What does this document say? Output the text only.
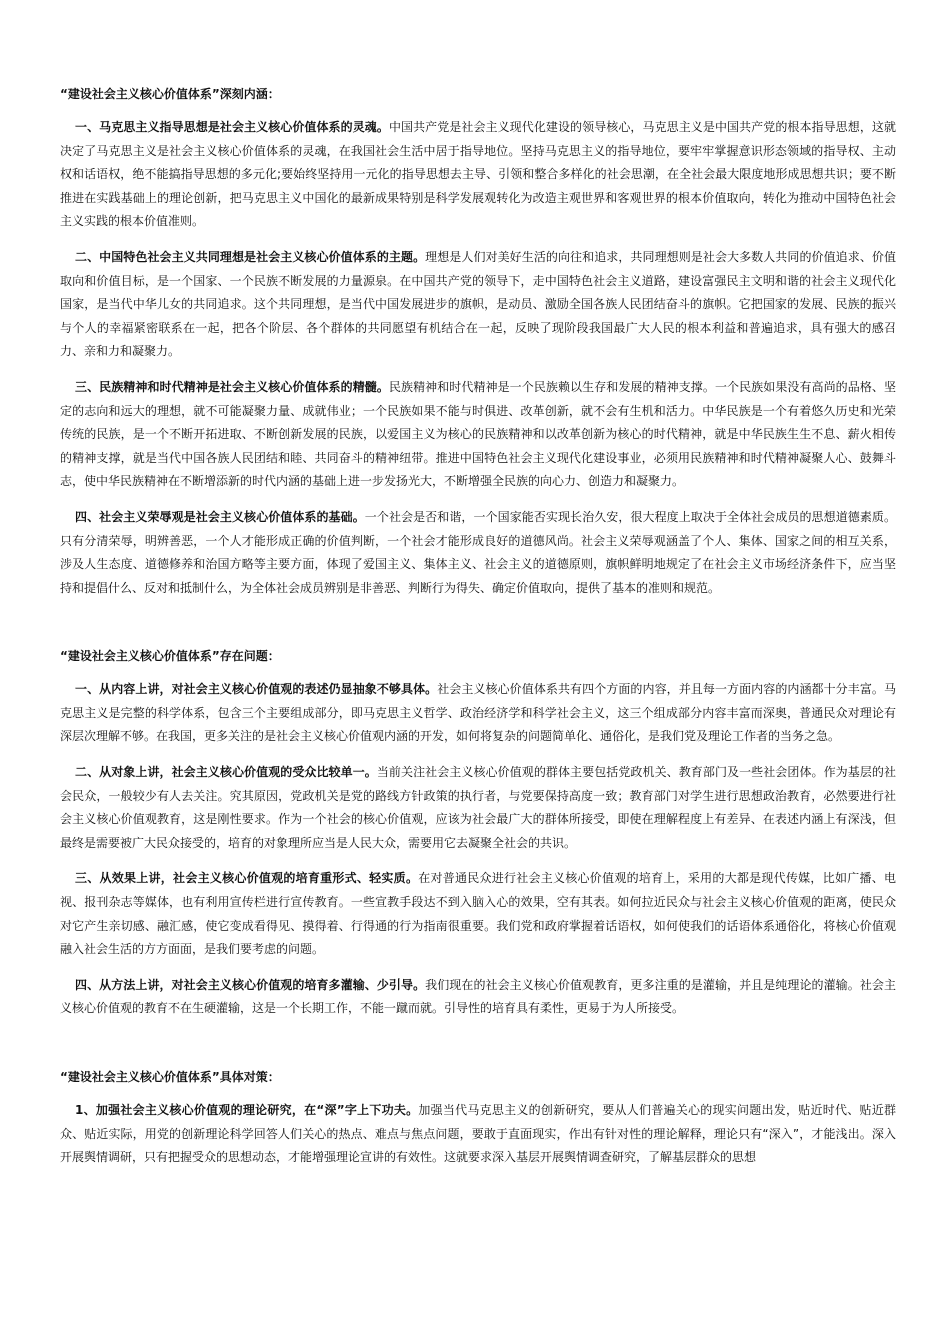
“建设社会主义核心价值体系”深刻内涵：

一、马克思主义指导思想是社会主义核心价值体系的灵魂。中国共产党是社会主义现代化建设的领导核心，马克思主义是中国共产党的根本指导思想，这就决定了马克思主义是社会主义核心价值体系的灵魂，在我国社会生活中居于指导地位。坚持马克思主义的指导地位，要牢牢掌握意识形态领域的指导权、主动权和话语权，绝不能搞指导思想的多元化;要始终坚持用一元化的指导思想去主导、引领和整合多样化的社会思潮，在全社会最大限度地形成思想共识；要不断推进在实践基础上的理论创新，把马克思主义中国化的最新成果特别是科学发展观转化为改造主观世界和客观世界的根本价值取向，转化为推动中国特色社会主义实践的根本价值准则。

二、中国特色社会主义共同理想是社会主义核心价值体系的主题。理想是人们对美好生活的向往和追求，共同理想则是社会大多数人共同的价值追求、价值取向和价值目标，是一个国家、一个民族不断发展的力量源泉。在中国共产党的领导下，走中国特色社会主义道路，建设富强民主文明和谐的社会主义现代化国家，是当代中华儿女的共同追求。这个共同理想，是当代中国发展进步的旗帜，是动员、激励全国各族人民团结奋斗的旗帜。它把国家的发展、民族的振兴与个人的幸福紧密联系在一起，把各个阶层、各个群体的共同愿望有机结合在一起，反映了现阶段我国最广大人民的根本利益和普遍追求，具有强大的感召力、亲和力和凝聚力。

三、民族精神和时代精神是社会主义核心价值体系的精髓。民族精神和时代精神是一个民族赖以生存和发展的精神支撑。一个民族如果没有高尚的品格、坚定的志向和远大的理想，就不可能凝聚力量、成就伟业；一个民族如果不能与时俱进、改革创新，就不会有生机和活力。中华民族是一个有着悠久历史和光荣传统的民族，是一个不断开拓进取、不断创新发展的民族，以爱国主义为核心的民族精神和以改革创新为核心的时代精神，就是中华民族生生不息、薪火相传的精神支撑，就是当代中国各族人民团结和睦、共同奋斗的精神纽带。推进中国特色社会主义现代化建设事业，必须用民族精神和时代精神凝聚人心、鼓舞斗志，使中华民族精神在不断增添新的时代内涵的基础上进一步发扬光大，不断增强全民族的向心力、创造力和凝聚力。

四、社会主义荣辱观是社会主义核心价值体系的基础。一个社会是否和谐，一个国家能否实现长治久安，很大程度上取决于全体社会成员的思想道德素质。只有分清荣辱，明辨善恶，一个人才能形成正确的价值判断，一个社会才能形成良好的道德风尚。社会主义荣辱观涵盖了个人、集体、国家之间的相互关系，涉及人生态度、道德修养和治国方略等主要方面，体现了爱国主义、集体主义、社会主义的道德原则，旗帜鲜明地规定了在社会主义市场经济条件下，应当坚持和提倡什么、反对和抵制什么，为全体社会成员辨别是非善恶、判断行为得失、确定价值取向，提供了基本的准则和规范。

“建设社会主义核心价值体系”存在问题：

一、从内容上讲，对社会主义核心价值观的表述仍显抽象不够具体。社会主义核心价值体系共有四个方面的内容，并且每一方面内容的内涵都十分丰富。马克思主义是完整的科学体系，包含三个主要组成部分，即马克思主义哲学、政治经济学和科学社会主义，这三个组成部分内容丰富而深奥，普通民众对理论有深层次理解不够。在我国，更多关注的是社会主义核心价值观内涵的开发，如何将复杂的问题简单化、通俗化，是我们党及理论工作者的当务之急。

二、从对象上讲，社会主义核心价值观的受众比较单一。当前关注社会主义核心价值观的群体主要包括党政机关、教育部门及一些社会团体。作为基层的社会民众，一般较少有人去关注。究其原因，党政机关是党的路线方针政策的执行者，与党要保持高度一致；教育部门对学生进行思想政治教育，必然要进行社会主义核心价值观教育，这是刚性要求。作为一个社会的核心价值观，应该为社会最广大的群体所接受，即使在理解程度上有差异、在表述内涵上有深浅，但最终是需要被广大民众接受的，培育的对象理所应当是人民大众，需要用它去凝聚全社会的共识。

三、从效果上讲，社会主义核心价值观的培育重形式、轻实质。在对普通民众进行社会主义核心价值观的培育上，采用的大都是现代传媒，比如广播、电视、报刊杂志等媒体，也有利用宣传栏进行宣传教育。一些宣教手段达不到入脑入心的效果，空有其表。如何拉近民众与社会主义核心价值观的距离，使民众对它产生亲切感、融汇感，使它变成看得见、摸得着、行得通的行为指南很重要。我们党和政府掌握着话语权，如何使我们的话语体系通俗化，将核心价值观融入社会生活的方方面面，是我们要考虑的问题。

四、从方法上讲，对社会主义核心价值观的培育多灌输、少引导。我们现在的社会主义核心价值观教育，更多注重的是灌输，并且是纯理论的灌输。社会主义核心价值观的教育不在生硬灌输，这是一个长期工作，不能一蹴而就。引导性的培育具有柔性，更易于为人所接受。

“建设社会主义核心价值体系”具体对策：

1、加强社会主义核心价值观的理论研究，在“深”字上下功夫。加强当代马克思主义的创新研究，要从人们普遍关心的现实问题出发，贴近时代、贴近群众、贴近实际，用党的创新理论科学回答人们关心的热点、难点与焦点问题，要敢于直面现实，作出有针对性的理论解释，理论只有“深入”，才能浅出。深入开展舆情调研，只有把握受众的思想动态，才能增强理论宣讲的有效性。这就要求深入基层开展舆情调查研究，了解基层群众的思想
